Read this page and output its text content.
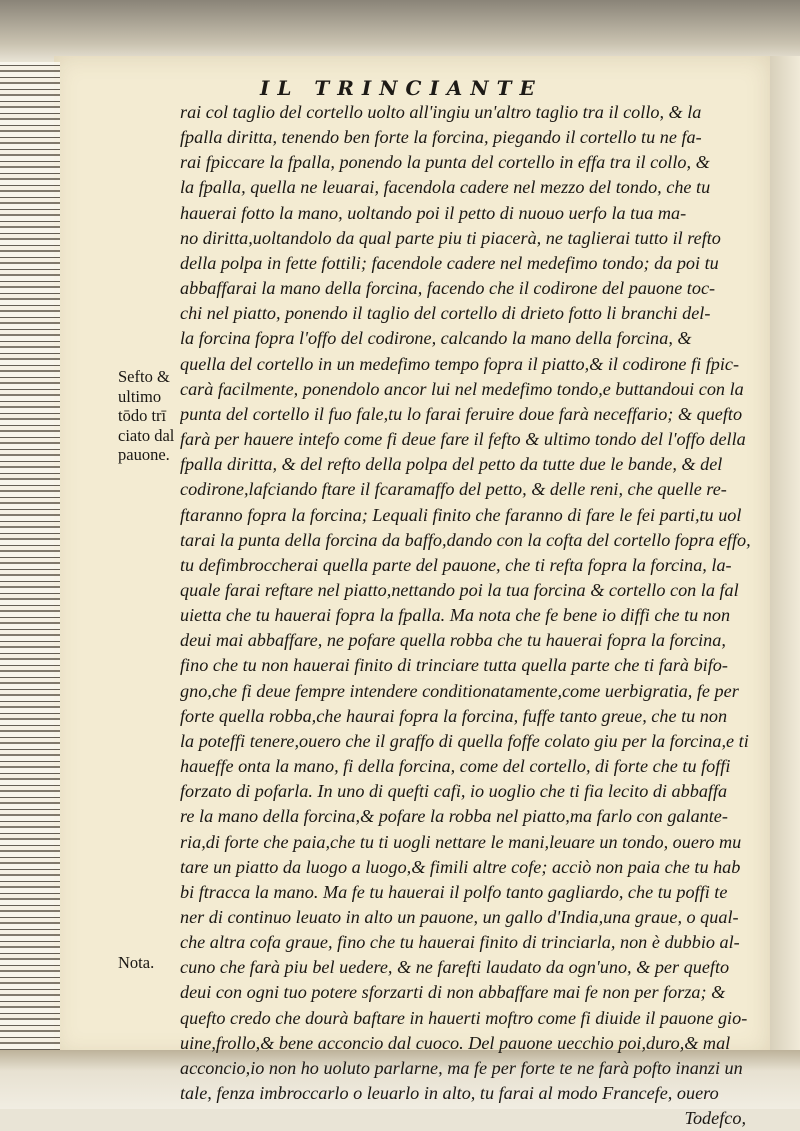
IL TRINCIANTE
Sefto &
ultimo
tōdo trī
ciato dal
pauone.
Nota.
rai col taglio del cortello uolto all'ingiu un'altro taglio tra il collo, & la
fpalla diritta, tenendo ben forte la forcina, piegando il cortello tu ne fa-
rai fpiccare la fpalla, ponendo la punta del cortello in effa tra il collo, &
la fpalla, quella ne leuarai, facendola cadere nel mezzo del tondo, che tu
hauerai fotto la mano, uoltando poi il petto di nuouo uerfo la tua ma-
no diritta,uoltandolo da qual parte piu ti piacerà, ne taglierai tutto il refto
della polpa in fette fottili; facendole cadere nel medefimo tondo; da poi tu
abbaffarai la mano della forcina, facendo che il codirone del pauone toc-
chi nel piatto, ponendo il taglio del cortello di drieto fotto li branchi del-
la forcina fopra l'offo del codirone, calcando la mano della forcina, &
quella del cortello in un medefimo tempo fopra il piatto,& il codirone fi fpic-
carà facilmente, ponendolo ancor lui nel medefimo tondo,e buttandoui con la
punta del cortello il fuo fale,tu lo farai feruire doue farà neceffario; & quefto
farà per hauere intefo come fi deue fare il fefto & ultimo tondo del l'offo della
fpalla diritta, & del refto della polpa del petto da tutte due le bande, & del
codirone,lafciando ftare il fcaramaffo del petto, & delle reni, che quelle re-
ftaranno fopra la forcina; Lequali finito che faranno di fare le fei parti,tu uol
tarai la punta della forcina da baffo,dando con la cofta del cortello fopra effo,
tu defimbroccherai quella parte del pauone, che ti refta fopra la forcina, la-
quale farai reftare nel piatto,nettando poi la tua forcina & cortello con la fal
uietta che tu hauerai fopra la fpalla. Ma nota che fe bene io diffi che tu non
deui mai abbaffare, ne pofare quella robba che tu hauerai fopra la forcina,
fino che tu non hauerai finito di trinciare tutta quella parte che ti farà bifo-
gno,che fi deue fempre intendere conditionatamente,come uerbigratia, fe per
forte quella robba,che haurai fopra la forcina, fuffe tanto greue, che tu non
la poteffi tenere,ouero che il graffo di quella foffe colato giu per la forcina,e ti
haueffe onta la mano, fi della forcina, come del cortello, di forte che tu foffi
forzato di pofarla. In uno di quefti cafi, io uoglio che ti fia lecito di abbaffa
re la mano della forcina,& pofare la robba nel piatto,ma farlo con galante-
ria,di forte che paia,che tu ti uogli nettare le mani,leuare un tondo, ouero mu
tare un piatto da luogo a luogo,& fimili altre cofe; acciò non paia che tu hab
bi ftracca la mano. Ma fe tu hauerai il polfo tanto gagliardo, che tu poffi te
ner di continuo leuato in alto un pauone, un gallo d'India,una graue, o qual-
che altra cofa graue, fino che tu hauerai finito di trinciarla, non è dubbio al-
cuno che farà piu bel uedere, & ne farefti laudato da ogn'uno, & per quefto
deui con ogni tuo potere sforzarti di non abbaffare mai fe non per forza; &
quefto credo che dourà baftare in hauerti moftro come fi diuide il pauone gio-
uine,frollo,& bene acconcio dal cuoco. Del pauone uecchio poi,duro,& mal
acconcio,io non ho uoluto parlarne, ma fe per forte te ne farà pofto inanzi un
tale, fenza imbroccarlo o leuarlo in alto, tu farai al modo Francefe, ouero
Todefco,
